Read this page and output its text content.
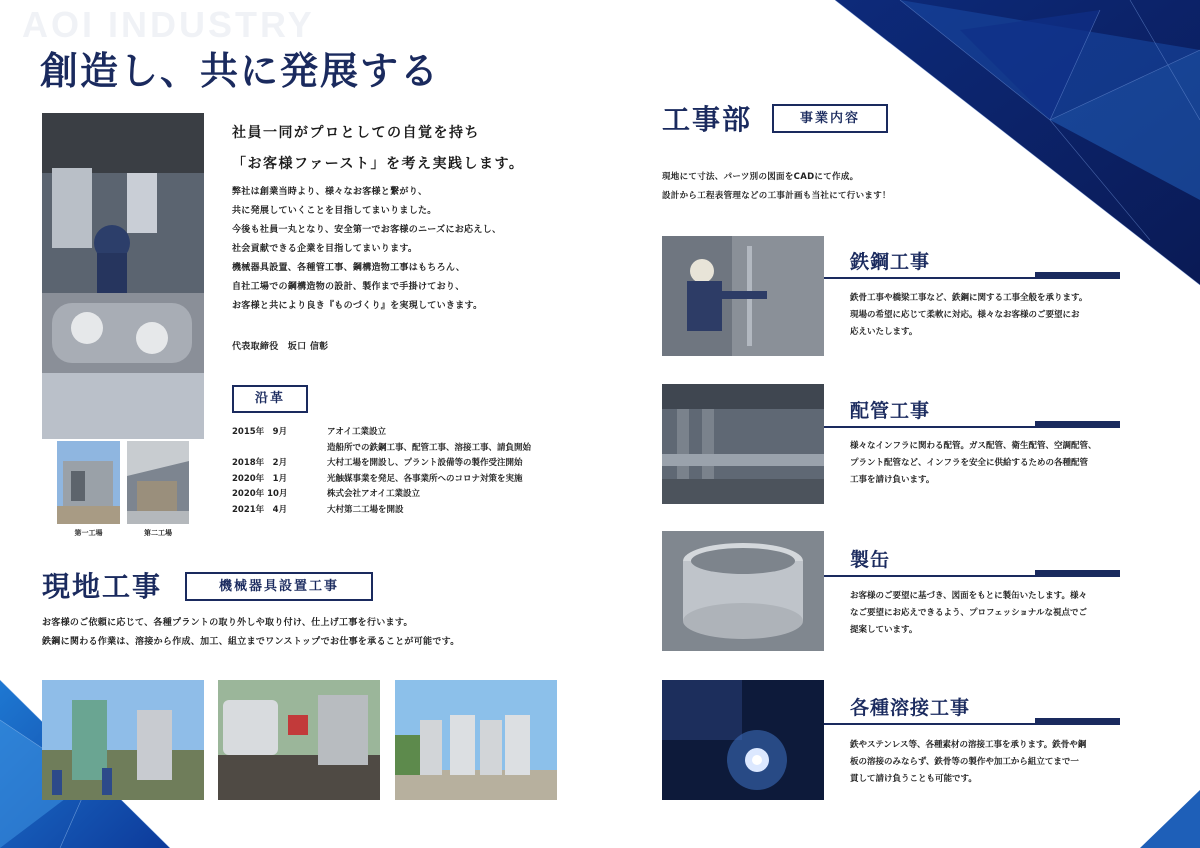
AOI INDUSTRY
創造し、共に発展する
第一工場	第二工場
社員一同がプロとしての自覚を持ち
「お客様ファースト」を考え実践します。
弊社は創業当時より、様々なお客様と繋がり、
共に発展していくことを目指してまいりました。
今後も社員一丸となり、安全第一でお客様のニーズにお応えし、
社会貢献できる企業を目指してまいります。
機械器具設置、各種管工事、鋼構造物工事はもちろん、
自社工場での鋼構造物の設計、製作まで手掛けており、
お客様と共により良き『ものづくり』を実現していきます。
代表取締役　坂口 信彰
沿革
2015年　9月	アオイ工業設立
造船所での鉄鋼工事、配管工事、溶接工事、請負開始
2018年　2月	大村工場を開設し、プラント設備等の製作受注開始
2020年　1月	光触媒事業を発足、各事業所へのコロナ対策を実施
2020年 10月	株式会社アオイ工業設立
2021年　4月	大村第二工場を開設
現地工事	機械器具設置工事
お客様のご依頼に応じて、各種プラントの取り外しや取り付け、仕上げ工事を行います。
鉄鋼に関わる作業は、溶接から作成、加工、組立までワンストップでお仕事を承ることが可能です。
工事部	事業内容
現地にて寸法、パーツ別の図面をCADにて作成。
設計から工程表管理などの工事計画も当社にて行います！
鉄鋼工事
鉄骨工事や橋梁工事など、鉄鋼に関する工事全般を承ります。
現場の希望に応じて柔軟に対応。様々なお客様のご要望にお
応えいたします。
配管工事
様々なインフラに関わる配管。ガス配管、衛生配管、空調配管、
プラント配管など、インフラを安全に供給するための各種配管
工事を請け負います。
製缶
お客様のご要望に基づき、図面をもとに製缶いたします。様々
なご要望にお応えできるよう、プロフェッショナルな視点でご
提案しています。
各種溶接工事
鉄やステンレス等、各種素材の溶接工事を承ります。鉄骨や鋼
板の溶接のみならず、鉄骨等の製作や加工から組立てまで一
貫して請け負うことも可能です。
